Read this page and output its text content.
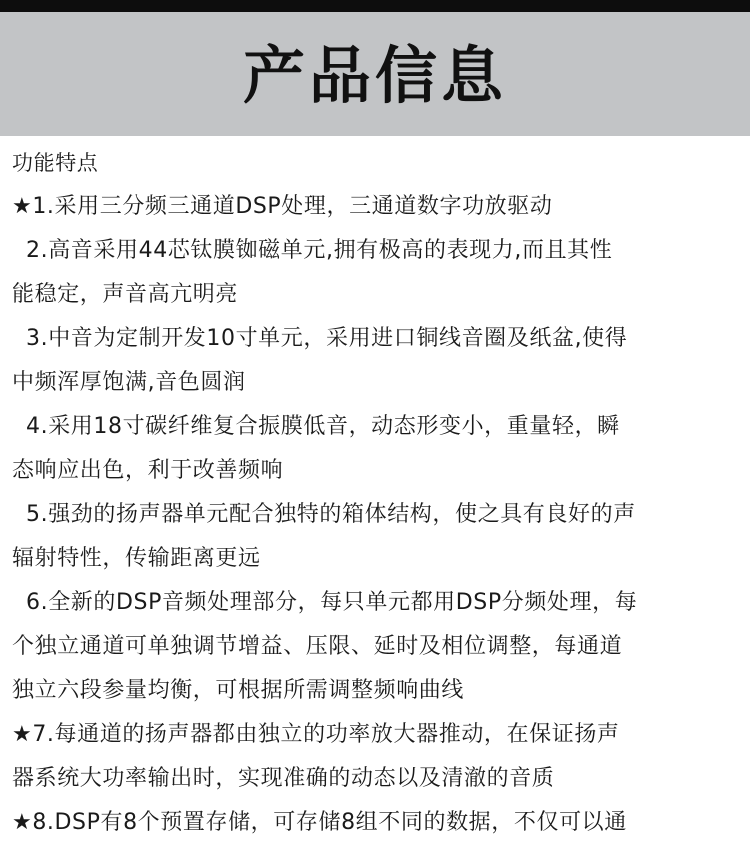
产品信息
功能特点
★1.采用三分频三通道DSP处理，三通道数字功放驱动
2.高音采用44芯钛膜铷磁单元,拥有极高的表现力,而且其性
能稳定，声音高亢明亮
3.中音为定制开发10寸单元，采用进口铜线音圈及纸盆,使得
中频浑厚饱满,音色圆润
4.采用18寸碳纤维复合振膜低音，动态形变小，重量轻，瞬
态响应出色，利于改善频响
5.强劲的扬声器单元配合独特的箱体结构，使之具有良好的声
辐射特性，传输距离更远
6.全新的DSP音频处理部分，每只单元都用DSP分频处理，每
个独立通道可单独调节增益、压限、延时及相位调整，每通道
独立六段参量均衡，可根据所需调整频响曲线
★7.每通道的扬声器都由独立的功率放大器推动，在保证扬声
器系统大功率输出时，实现准确的动态以及清澈的音质
★8.DSP有8个预置存储，可存储8组不同的数据，不仅可以通
